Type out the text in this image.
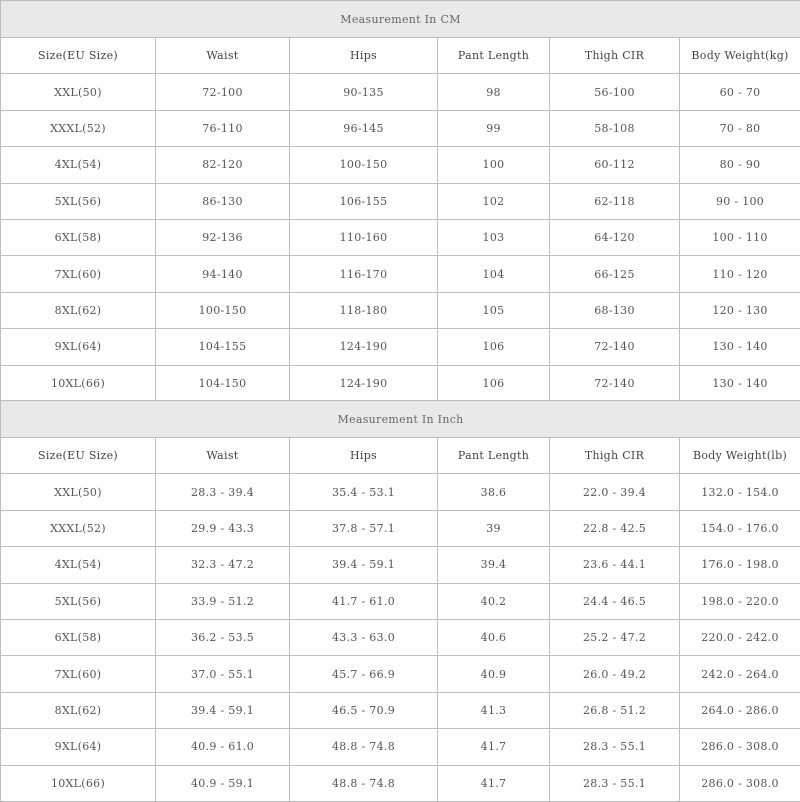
Measurement In CM					
Size(EU Size)	Waist	Hips	Pant Length	Thigh CIR	Body Weight(kg)
XXL(50)	72-100	90-135	98	56-100	60 - 70
XXXL(52)	76-110	96-145	99	58-108	70 - 80
4XL(54)	82-120	100-150	100	60-112	80 - 90
5XL(56)	86-130	106-155	102	62-118	90 - 100
6XL(58)	92-136	110-160	103	64-120	100 - 110
7XL(60)	94-140	116-170	104	66-125	110 - 120
8XL(62)	100-150	118-180	105	68-130	120 - 130
9XL(64)	104-155	124-190	106	72-140	130 - 140
10XL(66)	104-150	124-190	106	72-140	130 - 140
Measurement In Inch					
Size(EU Size)	Waist	Hips	Pant Length	Thigh CIR	Body Weight(lb)
XXL(50)	28.3 - 39.4	35.4 - 53.1	38.6	22.0 - 39.4	132.0 - 154.0
XXXL(52)	29.9 - 43.3	37.8 - 57.1	39	22.8 - 42.5	154.0 - 176.0
4XL(54)	32.3 - 47.2	39.4 - 59.1	39.4	23.6 - 44.1	176.0 - 198.0
5XL(56)	33.9 - 51.2	41.7 - 61.0	40.2	24.4 - 46.5	198.0 - 220.0
6XL(58)	36.2 - 53.5	43.3 - 63.0	40.6	25.2 - 47.2	220.0 - 242.0
7XL(60)	37.0 - 55.1	45.7 - 66.9	40.9	26.0 - 49.2	242.0 - 264.0
8XL(62)	39.4 - 59.1	46.5 - 70.9	41.3	26.8 - 51.2	264.0 - 286.0
9XL(64)	40.9 - 61.0	48.8 - 74.8	41.7	28.3 - 55.1	286.0 - 308.0
10XL(66)	40.9 - 59.1	48.8 - 74.8	41.7	28.3 - 55.1	286.0 - 308.0
